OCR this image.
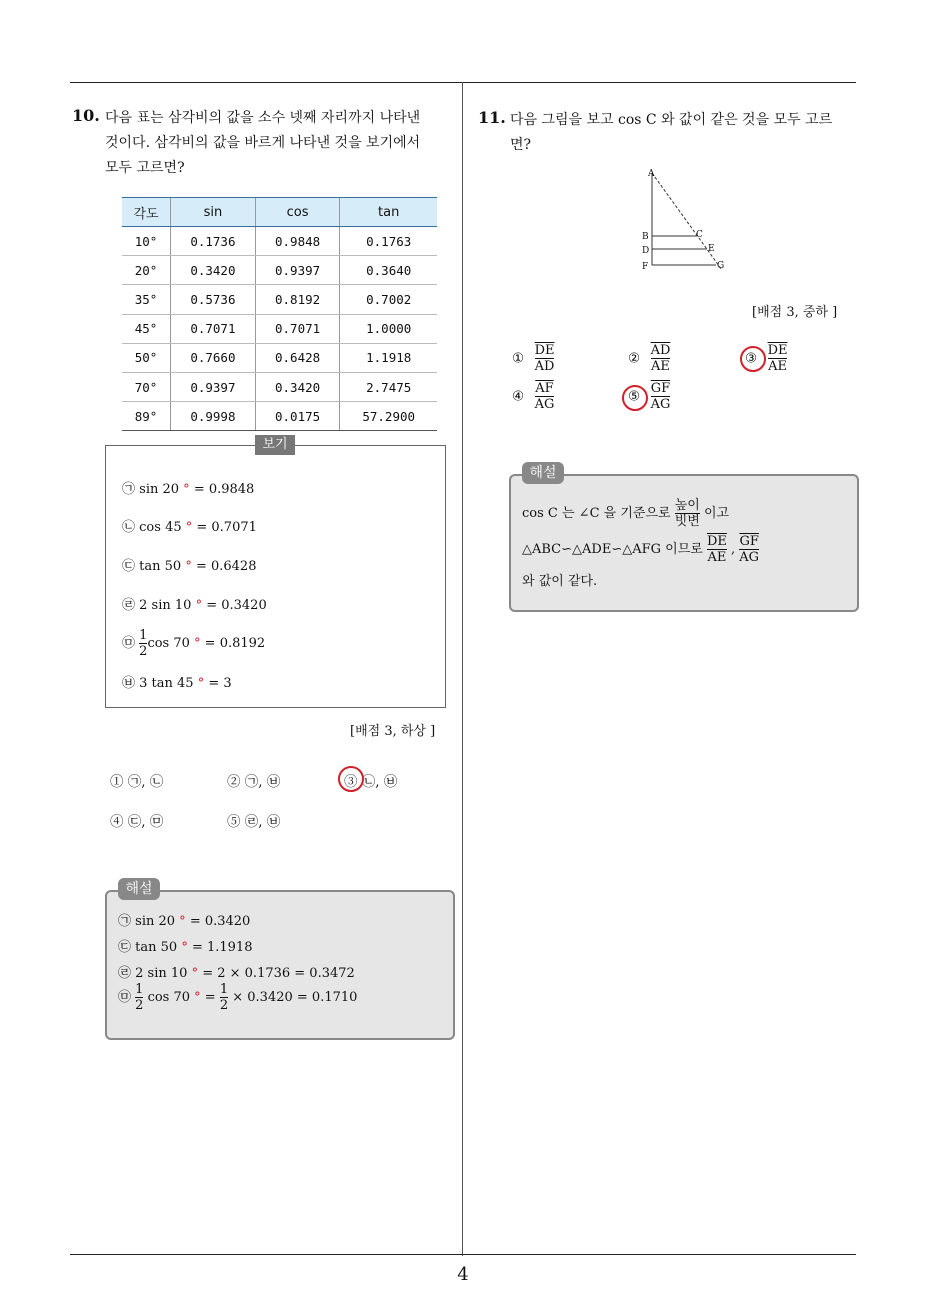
4
10. 다음 표는 삼각비의 값을 소수 넷째 자리까지 나타낸
것이다. 삼각비의 값을 바르게 나타낸 것을 보기에서
모두 고르면?
각도	sin	cos	tan
10°	0.1736	0.9848	0.1763
20°	0.3420	0.9397	0.3640
35°	0.5736	0.8192	0.7002
45°	0.7071	0.7071	1.0000
50°	0.7660	0.6428	1.1918
70°	0.9397	0.3420	2.7475
89°	0.9998	0.0175	57.2900
보기
㉠ sin 20 ° = 0.9848
㉡ cos 45 ° = 0.7071
㉢ tan 50 ° = 0.6428
㉣ 2 sin 10 ° = 0.3420
㉤ $\frac{1}{2}$ cos 70 ° = 0.8192
㉥ 3 tan 45 ° = 3
[배점 3, 하상 ]
① ㉠, ㉡	② ㉠, ㉥	③ ㉡, ㉥
④ ㉢, ㉤	⑤ ㉣, ㉥
해설
㉠ sin 20 ° = 0.3420
㉢ tan 50 ° = 1.1918
㉣ 2 sin 10 ° = 2 × 0.1736 = 0.3472
㉤ $\frac{1}{2}$ cos 70 ° = $\frac{1}{2} \times 0.3420 = 0.1710$
11. 다음 그림을 보고 cos C 와 값이 같은 것을 모두 고르
면?
A
B	C
D	E
F	G
[배점 3, 중하 ]
① $\frac{\overline{DE}}{AD}$	② $\frac{\overline{AD}}{AE}$	③ $\frac{\overline{DE}}{AE}$
④ $\frac{\overline{AF}}{AG}$	⑤ $\frac{\overline{GF}}{AG}$
해설
cos C 는 ∠C 을 기준으로 $\frac{\text{높이}}{\text{빗변}}$ 이고
△ABC∽△ADE∽△AFG 이므로 $\frac{\overline{DE}}{AE}$ , $\frac{\overline{GF}}{AG}$
와 값이 같다.
